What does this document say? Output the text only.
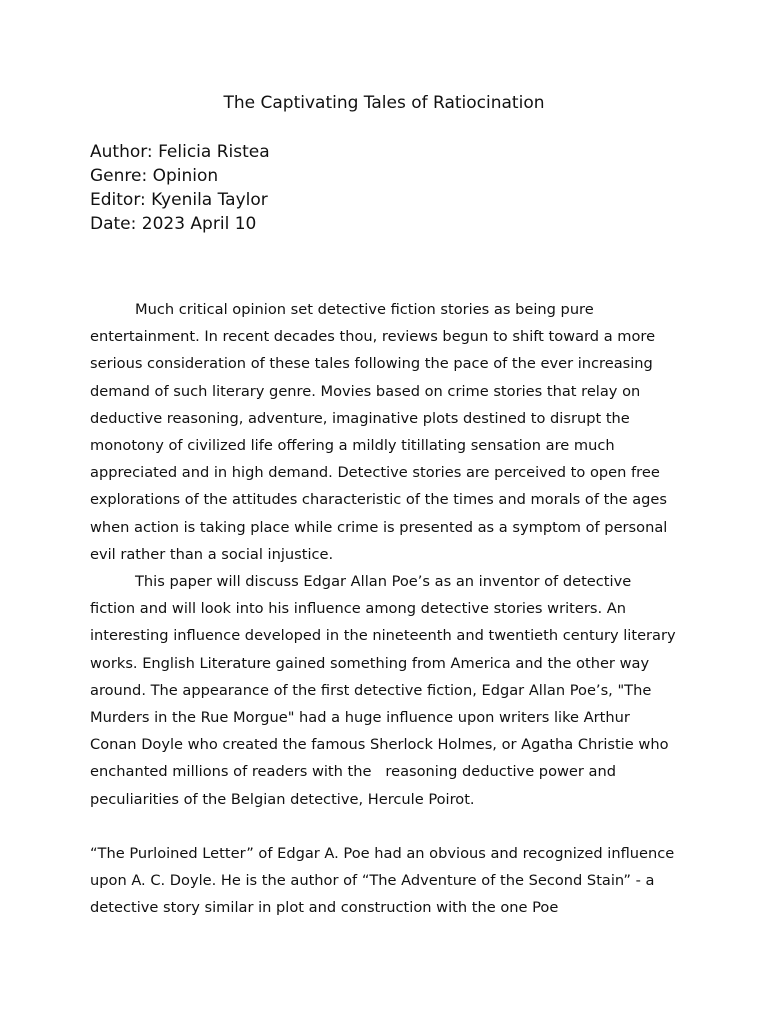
The Captivating Tales of Ratiocination
Author: Felicia Ristea
Genre: Opinion
Editor: Kyenila Taylor
Date: 2023 April 10

Much critical opinion set detective fiction stories as being pure entertainment. In recent decades thou, reviews begun to shift toward a more serious consideration of these tales following the pace of the ever increasing demand of such literary genre. Movies based on crime stories that relay on deductive reasoning, adventure, imaginative plots destined to disrupt the monotony of civilized life offering a mildly titillating sensation are much appreciated and in high demand. Detective stories are perceived to open free explorations of the attitudes characteristic of the times and morals of the ages when action is taking place while crime is presented as a symptom of personal evil rather than a social injustice.

This paper will discuss Edgar Allan Poe’s as an inventor of detective fiction and will look into his influence among detective stories writers. An interesting influence developed in the nineteenth and twentieth century literary works. English Literature gained something from America and the other way around. The appearance of the first detective fiction, Edgar Allan Poe’s, "The Murders in the Rue Morgue" had a huge influence upon writers like Arthur Conan Doyle who created the famous Sherlock Holmes, or Agatha Christie who enchanted millions of readers with the   reasoning deductive power and peculiarities of the Belgian detective, Hercule Poirot.

“The Purloined Letter” of Edgar A. Poe had an obvious and recognized influence upon A. C. Doyle. He is the author of “The Adventure of the Second Stain” - a detective story similar in plot and construction with the one Poe
